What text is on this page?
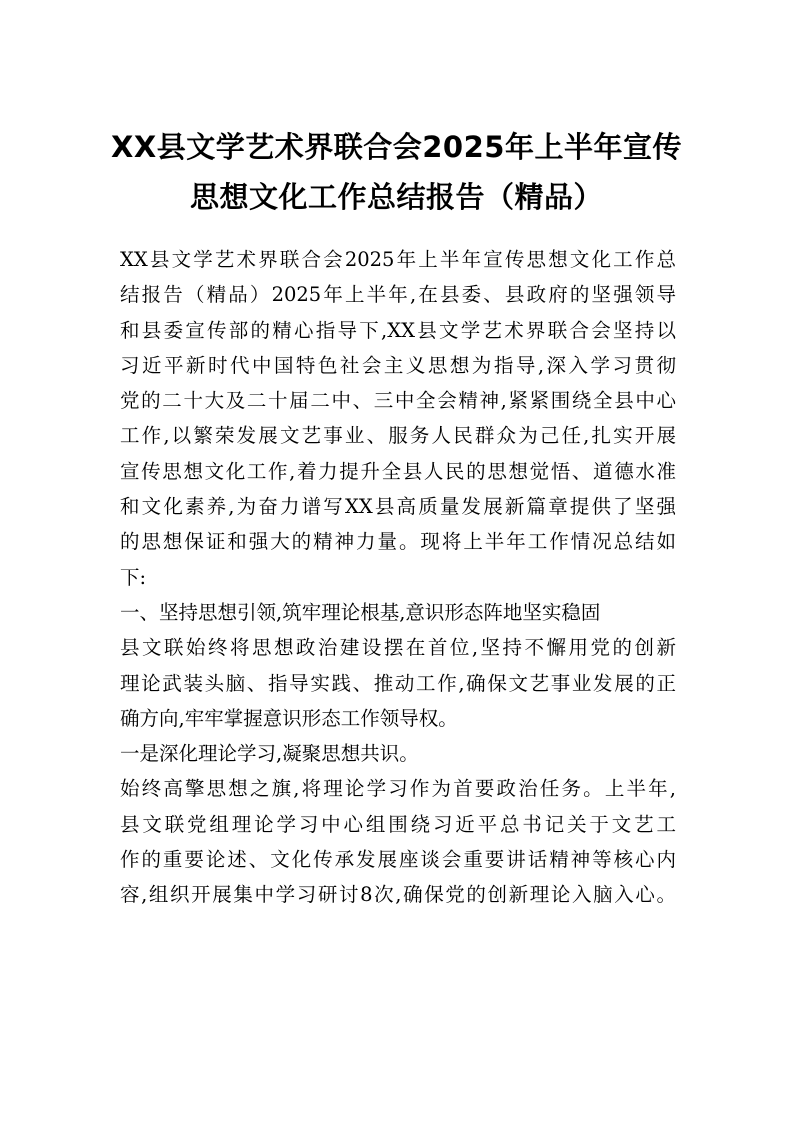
XX县文学艺术界联合会2025年上半年宣传
思想文化工作总结报告（精品）
XX县文学艺术界联合会2025年上半年宣传思想文化工作总
结报告（精品）2025年上半年,在县委、县政府的坚强领导
和县委宣传部的精心指导下,XX县文学艺术界联合会坚持以
习近平新时代中国特色社会主义思想为指导,深入学习贯彻
党的二十大及二十届二中、三中全会精神,紧紧围绕全县中心
工作,以繁荣发展文艺事业、服务人民群众为己任,扎实开展
宣传思想文化工作,着力提升全县人民的思想觉悟、道德水准
和文化素养,为奋力谱写XX县高质量发展新篇章提供了坚强
的思想保证和强大的精神力量。现将上半年工作情况总结如
下:
一、坚持思想引领,筑牢理论根基,意识形态阵地坚实稳固
县文联始终将思想政治建设摆在首位,坚持不懈用党的创新
理论武装头脑、指导实践、推动工作,确保文艺事业发展的正
确方向,牢牢掌握意识形态工作领导权。
一是深化理论学习,凝聚思想共识。
始终高擎思想之旗,将理论学习作为首要政治任务。上半年,
县文联党组理论学习中心组围绕习近平总书记关于文艺工
作的重要论述、文化传承发展座谈会重要讲话精神等核心内
容,组织开展集中学习研讨8次,确保党的创新理论入脑入心。
